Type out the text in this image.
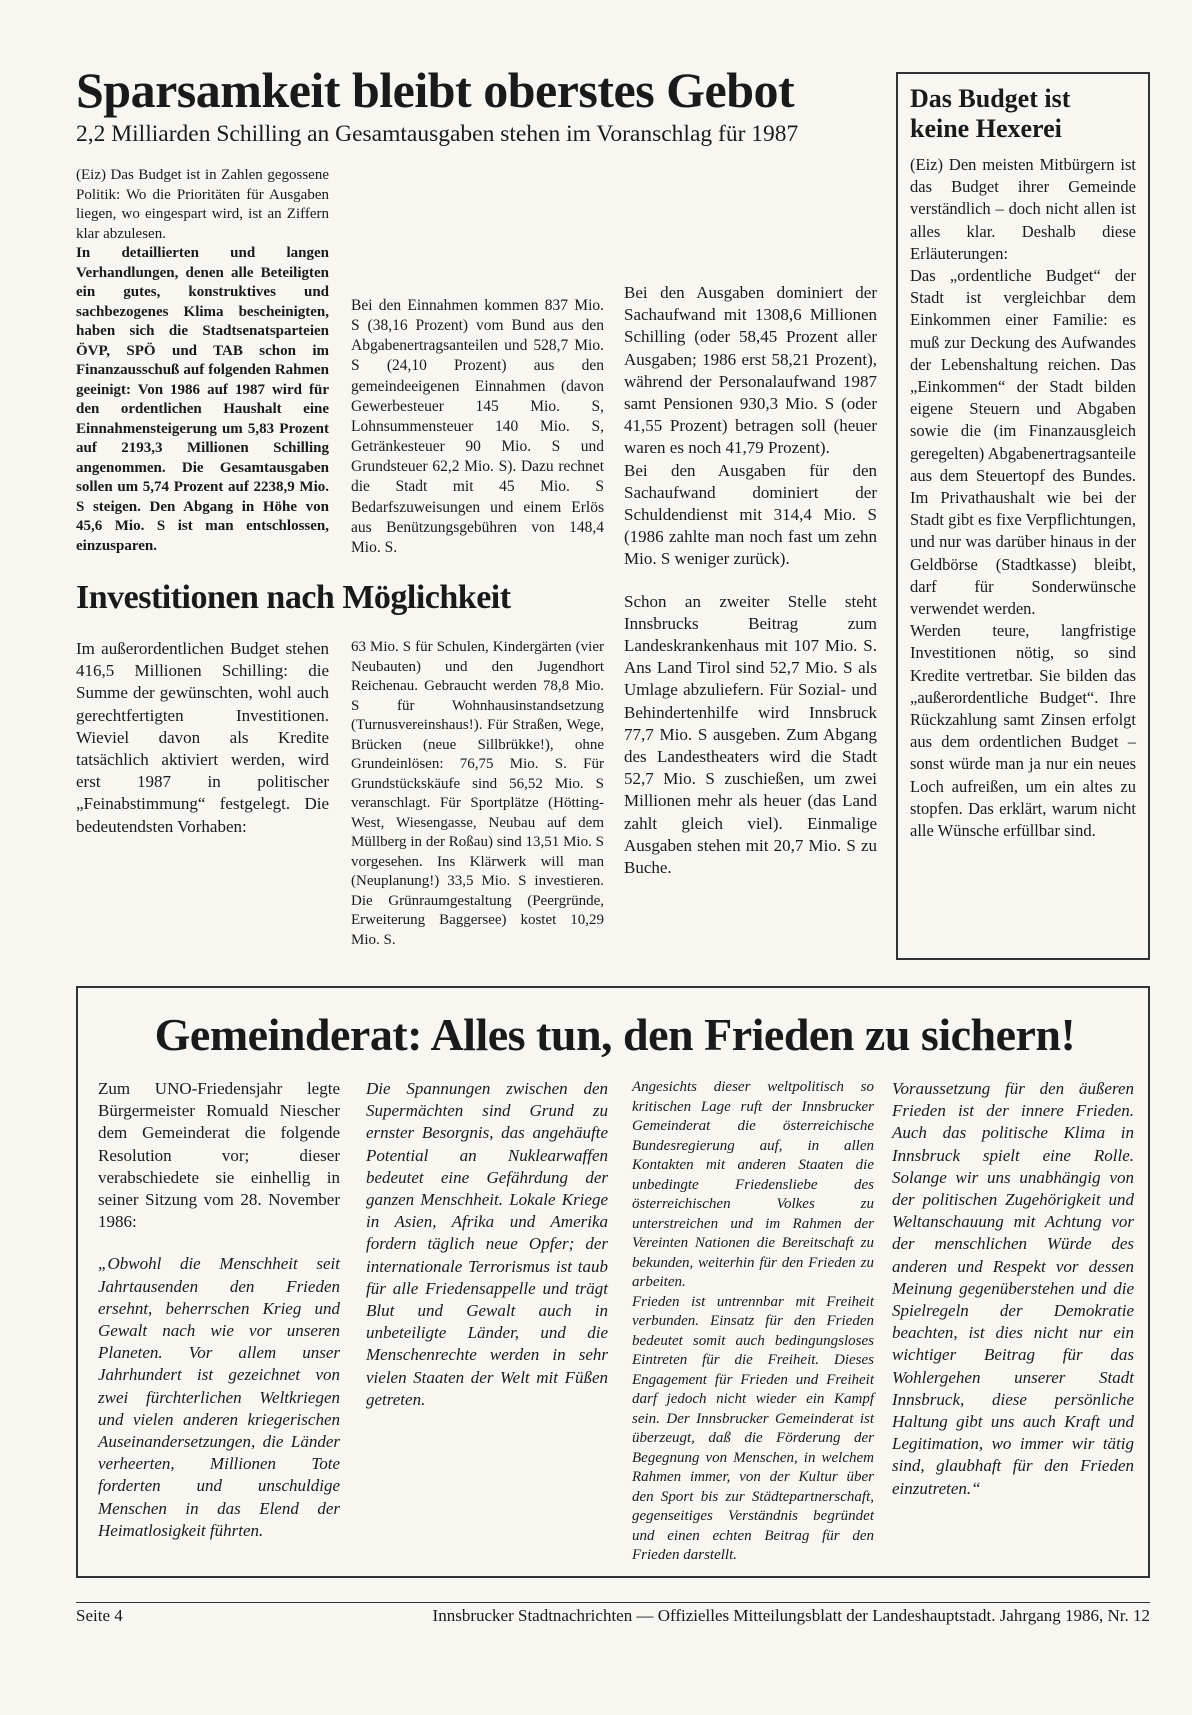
Sparsamkeit bleibt oberstes Gebot
2,2 Milliarden Schilling an Gesamtausgaben stehen im Voranschlag für 1987

(Eiz) Das Budget ist in Zahlen gegossene Politik: Wo die Prioritäten für Ausgaben liegen, wo eingespart wird, ist an Ziffern klar abzulesen.

In detaillierten und langen Verhandlungen, denen alle Beteiligten ein gutes, konstruktives und sachbezogenes Klima bescheinigten, haben sich die Stadtsenatsparteien ÖVP, SPÖ und TAB schon im Finanzausschuß auf folgenden Rahmen geeinigt: Von 1986 auf 1987 wird für den ordentlichen Haushalt eine Einnahmensteigerung um 5,83 Prozent auf 2193,3 Millionen Schilling angenommen. Die Gesamtausgaben sollen um 5,74 Prozent auf 2238,9 Mio. S steigen. Den Abgang in Höhe von 45,6 Mio. S ist man entschlossen, einzusparen.

Bei den Einnahmen kommen 837 Mio. S (38,16 Prozent) vom Bund aus den Abgabenertragsanteilen und 528,7 Mio. S (24,10 Prozent) aus den gemeindeeigenen Einnahmen (davon Gewerbesteuer 145 Mio. S, Lohnsummensteuer 140 Mio. S, Getränkesteuer 90 Mio. S und Grundsteuer 62,2 Mio. S). Dazu rechnet die Stadt mit 45 Mio. S Bedarfszuweisungen und einem Erlös aus Benützungsgebühren von 148,4 Mio. S.

Bei den Ausgaben dominiert der Sachaufwand mit 1308,6 Millionen Schilling (oder 58,45 Prozent aller Ausgaben; 1986 erst 58,21 Prozent), während der Personalaufwand 1987 samt Pensionen 930,3 Mio. S (oder 41,55 Prozent) betragen soll (heuer waren es noch 41,79 Prozent).

Bei den Ausgaben für den Sachaufwand dominiert der Schuldendienst mit 314,4 Mio. S (1986 zahlte man noch fast um zehn Mio. S weniger zurück).

Schon an zweiter Stelle steht Innsbrucks Beitrag zum Landeskrankenhaus mit 107 Mio. S. Ans Land Tirol sind 52,7 Mio. S als Umlage abzuliefern. Für Sozial- und Behindertenhilfe wird Innsbruck 77,7 Mio. S ausgeben. Zum Abgang des Landestheaters wird die Stadt 52,7 Mio. S zuschießen, um zwei Millionen mehr als heuer (das Land zahlt gleich viel). Einmalige Ausgaben stehen mit 20,7 Mio. S zu Buche.

Investitionen nach Möglichkeit

Im außerordentlichen Budget stehen 416,5 Millionen Schilling: die Summe der gewünschten, wohl auch gerechtfertigten Investitionen. Wieviel davon als Kredite tatsächlich aktiviert werden, wird erst 1987 in politischer „Feinabstimmung“ festgelegt. Die bedeutendsten Vorhaben:

63 Mio. S für Schulen, Kindergärten (vier Neubauten) und den Jugendhort Reichenau. Gebraucht werden 78,8 Mio. S für Wohnhausinstandsetzung (Turnusvereinshaus!). Für Straßen, Wege, Brücken (neue Sillbrükke!), ohne Grundeinlösen: 76,75 Mio. S. Für Grundstückskäufe sind 56,52 Mio. S veranschlagt. Für Sportplätze (Hötting-West, Wiesengasse, Neubau auf dem Müllberg in der Roßau) sind 13,51 Mio. S vorgesehen. Ins Klärwerk will man (Neuplanung!) 33,5 Mio. S investieren. Die Grünraumgestaltung (Peergründe, Erweiterung Baggersee) kostet 10,29 Mio. S.

Das Budget ist keine Hexerei

(Eiz) Den meisten Mitbürgern ist das Budget ihrer Gemeinde verständlich – doch nicht allen ist alles klar. Deshalb diese Erläuterungen:

Das „ordentliche Budget“ der Stadt ist vergleichbar dem Einkommen einer Familie: es muß zur Deckung des Aufwandes der Lebenshaltung reichen. Das „Einkommen“ der Stadt bilden eigene Steuern und Abgaben sowie die (im Finanzausgleich geregelten) Abgabenertragsanteile aus dem Steuertopf des Bundes. Im Privathaushalt wie bei der Stadt gibt es fixe Verpflichtungen, und nur was darüber hinaus in der Geldbörse (Stadtkasse) bleibt, darf für Sonderwünsche verwendet werden.

Werden teure, langfristige Investitionen nötig, so sind Kredite vertretbar. Sie bilden das „außerordentliche Budget“. Ihre Rückzahlung samt Zinsen erfolgt aus dem ordentlichen Budget – sonst würde man ja nur ein neues Loch aufreißen, um ein altes zu stopfen. Das erklärt, warum nicht alle Wünsche erfüllbar sind.

Gemeinderat: Alles tun, den Frieden zu sichern!

Zum UNO-Friedensjahr legte Bürgermeister Romuald Niescher dem Gemeinderat die folgende Resolution vor; dieser verabschiedete sie einhellig in seiner Sitzung vom 28. November 1986:

„Obwohl die Menschheit seit Jahrtausenden den Frieden ersehnt, beherrschen Krieg und Gewalt nach wie vor unseren Planeten. Vor allem unser Jahrhundert ist gezeichnet von zwei fürchterlichen Weltkriegen und vielen anderen kriegerischen Auseinandersetzungen, die Länder verheerten, Millionen Tote forderten und unschuldige Menschen in das Elend der Heimatlosigkeit führten.

Die Spannungen zwischen den Supermächten sind Grund zu ernster Besorgnis, das angehäufte Potential an Nuklearwaffen bedeutet eine Gefährdung der ganzen Menschheit. Lokale Kriege in Asien, Afrika und Amerika fordern täglich neue Opfer; der internationale Terrorismus ist taub für alle Friedensappelle und trägt Blut und Gewalt auch in unbeteiligte Länder, und die Menschenrechte werden in sehr vielen Staaten der Welt mit Füßen getreten.

Angesichts dieser weltpolitisch so kritischen Lage ruft der Innsbrucker Gemeinderat die österreichische Bundesregierung auf, in allen Kontakten mit anderen Staaten die unbedingte Friedensliebe des österreichischen Volkes zu unterstreichen und im Rahmen der Vereinten Nationen die Bereitschaft zu bekunden, weiterhin für den Frieden zu arbeiten.

Frieden ist untrennbar mit Freiheit verbunden. Einsatz für den Frieden bedeutet somit auch bedingungsloses Eintreten für die Freiheit. Dieses Engagement für Frieden und Freiheit darf jedoch nicht wieder ein Kampf sein. Der Innsbrucker Gemeinderat ist überzeugt, daß die Förderung der Begegnung von Menschen, in welchem Rahmen immer, von der Kultur über den Sport bis zur Städtepartnerschaft, gegenseitiges Verständnis begründet und einen echten Beitrag für den Frieden darstellt.

Voraussetzung für den äußeren Frieden ist der innere Frieden. Auch das politische Klima in Innsbruck spielt eine Rolle. Solange wir uns unabhängig von der politischen Zugehörigkeit und Weltanschauung mit Achtung vor der menschlichen Würde des anderen und Respekt vor dessen Meinung gegenüberstehen und die Spielregeln der Demokratie beachten, ist dies nicht nur ein wichtiger Beitrag für das Wohlergehen unserer Stadt Innsbruck, diese persönliche Haltung gibt uns auch Kraft und Legitimation, wo immer wir tätig sind, glaubhaft für den Frieden einzutreten.“

Seite 4	Innsbrucker Stadtnachrichten — Offizielles Mitteilungsblatt der Landeshauptstadt. Jahrgang 1986, Nr. 12
